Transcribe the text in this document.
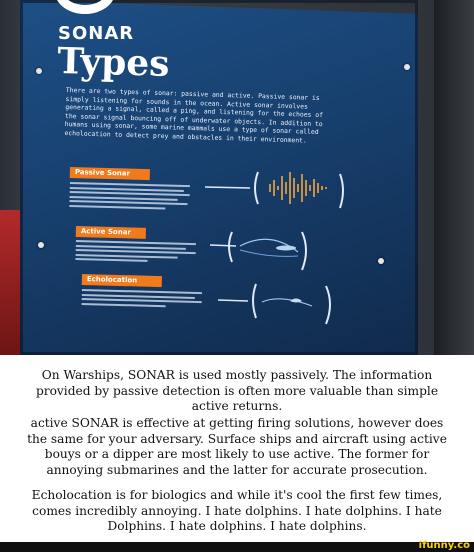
SONAR
Types
There are two types of sonar: passive and active. Passive sonar is simply listening for sounds in the ocean. Active sonar involves generating a signal, called a ping, and listening for the echoes of the sonar signal bouncing off of underwater objects. In addition to humans using sonar, some marine mammals use a type of sonar called echolocation to detect prey and obstacles in their environment.
Passive Sonar
Active Sonar
Echolocation

On Warships, SONAR is used mostly passively. The information provided by passive detection is often more valuable than simple active returns.

active SONAR is effective at getting firing solutions, however does the same for your adversary. Surface ships and aircraft using active bouys or a dipper are most likely to use active. The former for annoying submarines and the latter for accurate prosecution.

Echolocation is for biologics and while it's cool the first few times, comes incredibly annoying. I hate dolphins. I hate dolphins. I hate Dolphins. I hate dolphins. I hate dolphins.

ifunny.co
